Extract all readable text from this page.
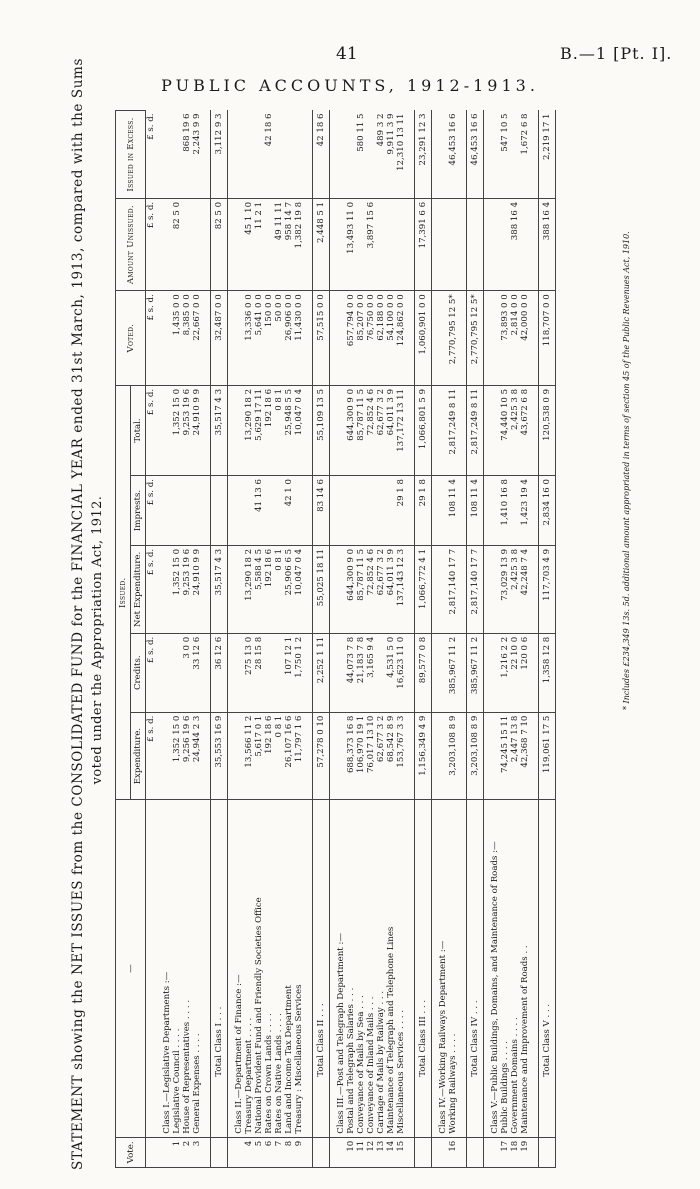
41	B.—1 [Pt. I].
PUBLIC ACCOUNTS, 1912-1913.
STATEMENT showing the NET ISSUES from the CONSOLIDATED FUND for the FINANCIAL YEAR ended 31st March, 1913, compared with the Sums voted under the Appropriation Act, 1912.
Vote.	—	Issued.					Voted.	Amount Unissued.	Issued in Excess.
		Expenditure.	Credits.	Net Expenditure.	Imprests.	Total.			
		£ s. d.	£ s. d.	£ s. d.	£ s. d.	£ s. d.	£ s. d.	£ s. d.	£ s. d.
	Class I.—Legislative Departments :—								
1	Legislative Council . . . .	1,352 15 0		1,352 15 0		1,352 15 0	1,435 0 0	82 5 0	
2	House of Representatives . . . .	9,256 19 6	3 0 0	9,253 19 6		9,253 19 6	8,385 0 0		868 19 6
3	General Expenses . . . .	24,944 2 3	33 12 6	24,910 9 9		24,910 9 9	22,667 0 0		2,243 9 9

	Total Class I . . .	35,553 16 9	36 12 6	35,517 4 3		35,517 4 3	32,487 0 0	82 5 0	3,112 9 3
	Class II.—Department of Finance :—								
4	Treasury Department . . . .	13,566 11 2	275 13 0	13,290 18 2		13,290 18 2	13,336 0 0	45 1 10	
5	National Provident Fund and Friendly Societies Office	5,617 0 1	28 15 8	5,588 4 5	41 13 6	5,629 17 11	5,641 0 0	11 2 1	
6	Rates on Crown Lands . . . .	192 18 6		192 18 6		192 18 6	150 0 0		42 18 6
7	Rates on Native Lands . . . .	0 8 1		0 8 1		0 8 1	50 0 0	49 11 11	
8	Land and Income Tax Department	26,107 16 6	107 12 1	25,906 6 5	42 1 0	25,948 5 5	26,906 0 0	958 14 7	
9	Treasury : Miscellaneous Services	11,797 1 6	1,750 1 2	10,047 0 4		10,047 0 4	11,430 0 0	1,382 19 8	

	Total Class II . . .	57,278 0 10	2,252 1 11	55,025 18 11	83 14 6	55,109 13 5	57,515 0 0	2,448 5 1	42 18 6
	Class III.—Post and Telegraph Department :—								
10	Postal and Telegraph Salaries . . .	688,373 16 8	44,073 7 8	644,300 9 0		644,300 9 0	657,794 0 0	13,493 11 0	
11	Conveyance of Mails by Sea . . .	106,970 19 1	21,183 7 8	85,787 11 5		85,787 11 5	85,207 0 0		580 11 5
12	Conveyance of Inland Mails . . .	76,017 13 10	3,165 9 4	72,852 4 6		72,852 4 6	76,750 0 0	3,897 15 6	
13	Carriage of Mails by Railway . . .	62,677 3 2		62,677 3 2		62,677 3 2	62,188 0 0		489 3 2
14	Maintenance of Telegraph and Telephone Lines	68,542 8 9	4,531 5 0	64,011 3 9		64,011 3 9	54,100 0 0		9,911 3 9
15	Miscellaneous Services . . . .	153,767 3 3	16,623 11 0	137,143 12 3	29 1 8	137,172 13 11	124,862 0 0		12,310 13 11

	Total Class III . . .	1,156,349 4 9	89,577 0 8	1,066,772 4 1	29 1 8	1,066,801 5 9	1,060,901 0 0	17,391 6 6	23,291 12 3
	Class IV.—Working Railways Department :—								
16	Working Railways . . . .	3,203,108 8 9	385,967 11 2	2,817,140 17 7	108 11 4	2,817,249 8 11	2,770,795 12 5*		46,453 16 6

	Total Class IV . . .	3,203,108 8 9	385,967 11 2	2,817,140 17 7	108 11 4	2,817,249 8 11	2,770,795 12 5*		46,453 16 6
	Class V.—Public Buildings, Domains, and Maintenance of Roads :—								
17	Public Buildings . . . .	74,245 15 11	1,216 2 2	73,029 13 9	1,410 16 8	74,440 10 5	73,893 0 0		547 10 5
18	Government Domains . . . .	2,447 13 8	22 10 0	2,425 3 8		2,425 3 8	2,814 0 0	388 16 4	
19	Maintenance and Improvement of Roads . .	42,368 7 10	120 0 6	42,248 7 4	1,423 19 4	43,672 6 8	42,000 0 0		1,672 6 8

	Total Class V . . .	119,061 17 5	1,358 12 8	117,703 4 9	2,834 16 0	120,538 0 9	118,707 0 0	388 16 4	2,219 17 1
* Includes £234,349 13s. 5d. additional amount appropriated in terms of section 45 of the Public Revenues Act, 1910.
